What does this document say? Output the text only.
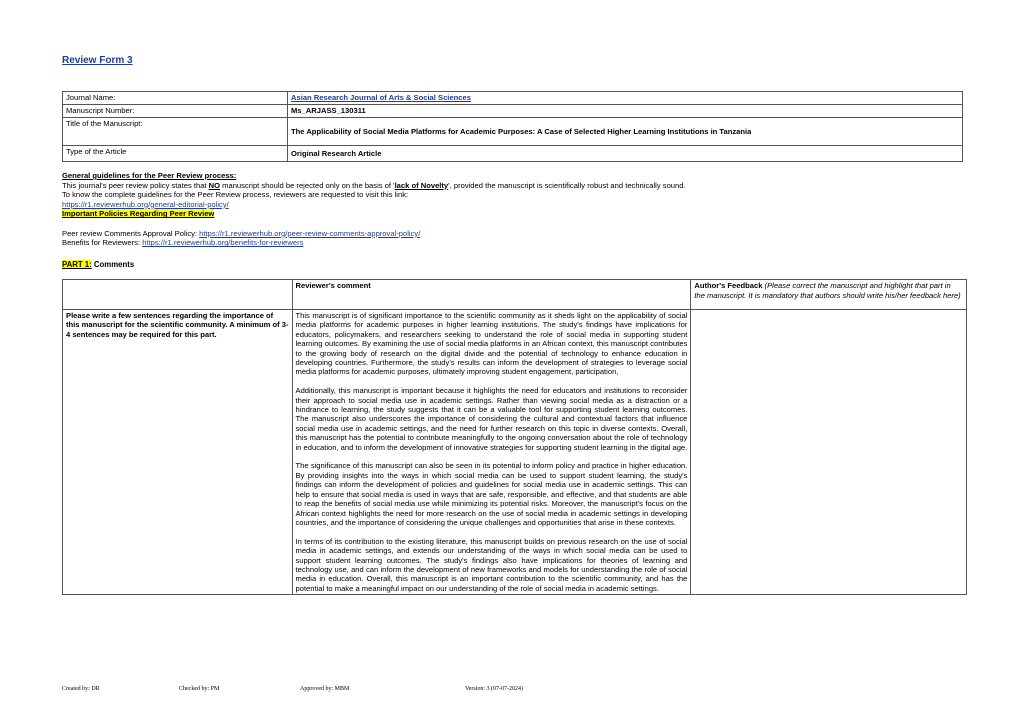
Review Form 3
Journal Name:	Asian Research Journal of Arts & Social Sciences
Manuscript Number:	Ms_ARJASS_130311
Title of the Manuscript:	The Applicability of Social Media Platforms for Academic Purposes: A Case of Selected Higher Learning Institutions in Tanzania
Type of the Article	Original Research Article
General guidelines for the Peer Review process:
This journal's peer review policy states that NO manuscript should be rejected only on the basis of 'lack of Novelty', provided the manuscript is scientifically robust and technically sound.
To know the complete guidelines for the Peer Review process, reviewers are requested to visit this link:
https://r1.reviewerhub.org/general-editorial-policy/
Important Policies Regarding Peer Review
Peer review Comments Approval Policy: https://r1.reviewerhub.org/peer-review-comments-approval-policy/
Benefits for Reviewers: https://r1.reviewerhub.org/benefits-for-reviewers
PART 1: Comments
	Reviewer's comment	Author's Feedback (Please correct the manuscript and highlight that part in the manuscript. It is mandatory that authors should write his/her feedback here)
Please write a few sentences regarding the importance of this manuscript for the scientific community. A minimum of 3-4 sentences may be required for this part.	This manuscript is of significant importance to the scientific community as it sheds light on the applicability of social media platforms for academic purposes in higher learning institutions. The study's findings have implications for educators, policymakers, and researchers seeking to understand the role of social media in supporting student learning outcomes. By examining the use of social media platforms in an African context, this manuscript contributes to the growing body of research on the digital divide and the potential of technology to enhance education in developing countries. Furthermore, the study's results can inform the development of strategies to leverage social media platforms for academic purposes, ultimately improving student engagement, participation,

Additionally, this manuscript is important because it highlights the need for educators and institutions to reconsider their approach to social media use in academic settings. Rather than viewing social media as a distraction or a hindrance to learning, the study suggests that it can be a valuable tool for supporting student learning outcomes. The manuscript also underscores the importance of considering the cultural and contextual factors that influence social media use in academic settings, and the need for further research on this topic in diverse contexts. Overall, this manuscript has the potential to contribute meaningfully to the ongoing conversation about the role of technology in education, and to inform the development of innovative strategies for supporting student learning in the digital age.

The significance of this manuscript can also be seen in its potential to inform policy and practice in higher education. By providing insights into the ways in which social media can be used to support student learning, the study's findings can inform the development of policies and guidelines for social media use in academic settings. This can help to ensure that social media is used in ways that are safe, responsible, and effective, and that students are able to reap the benefits of social media use while minimizing its potential risks. Moreover, the manuscript's focus on the African context highlights the need for more research on the use of social media in academic settings in developing countries, and the importance of considering the unique challenges and opportunities that arise in these contexts.

In terms of its contribution to the existing literature, this manuscript builds on previous research on the use of social media in academic settings, and extends our understanding of the ways in which social media can be used to support student learning outcomes. The study's findings also have implications for theories of learning and technology use, and can inform the development of new frameworks and models for understanding the role of social media in education. Overall, this manuscript is an important contribution to the scientific community, and has the potential to make a meaningful impact on our understanding of the role of social media in academic settings.	

Created by: DR	Checked by: PM	Approved by: MBM	Version: 3 (07-07-2024)
